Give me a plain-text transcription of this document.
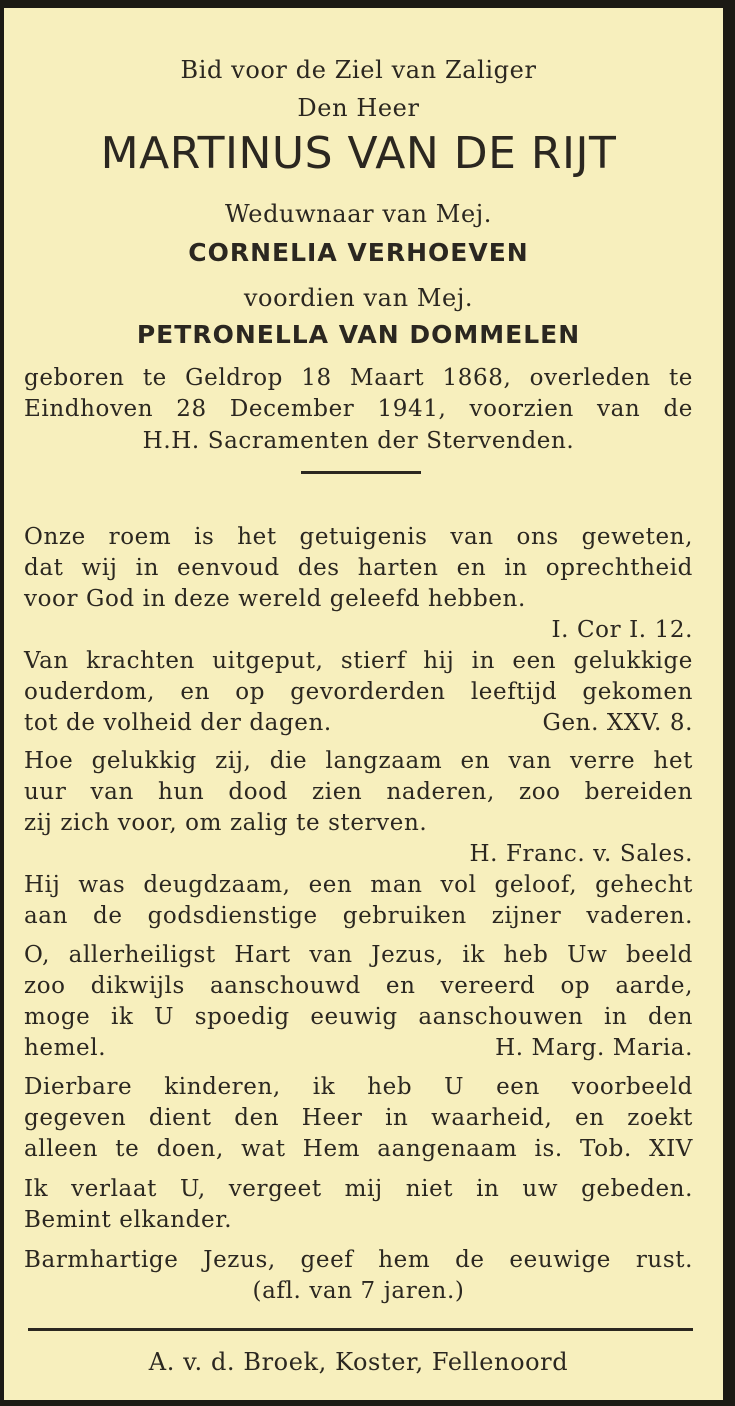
Bid voor de Ziel van Zaliger
Den Heer
MARTINUS VAN DE RIJT
Weduwnaar van Mej.
CORNELIA VERHOEVEN
voordien van Mej.
PETRONELLA VAN DOMMELEN
geboren te Geldrop 18 Maart 1868, overleden te
Eindhoven 28 December 1941, voorzien van de
H.H. Sacramenten der Stervenden.
Onze roem is het getuigenis van ons geweten,
dat wij in eenvoud des harten en in oprechtheid
voor God in deze wereld geleefd hebben.
I. Cor I. 12.
Van krachten uitgeput, stierf hij in een gelukkige
ouderdom, en op gevorderden leeftijd gekomen
tot de volheid der dagen.	Gen. XXV. 8.
Hoe gelukkig zij, die langzaam en van verre het
uur van hun dood zien naderen, zoo bereiden
zij zich voor, om zalig te sterven.
H. Franc. v. Sales.
Hij was deugdzaam, een man vol geloof, gehecht
aan de godsdienstige gebruiken zijner vaderen.
O, allerheiligst Hart van Jezus, ik heb Uw beeld
zoo dikwijls aanschouwd en vereerd op aarde,
moge ik U spoedig eeuwig aanschouwen in den
hemel.	H. Marg. Maria.
Dierbare kinderen, ik heb U een voorbeeld
gegeven dient den Heer in waarheid, en zoekt
alleen te doen, wat Hem aangenaam is. Tob. XIV
Ik verlaat U, vergeet mij niet in uw gebeden.
Bemint elkander.
Barmhartige Jezus, geef hem de eeuwige rust.
(afl. van 7 jaren.)
A. v. d. Broek, Koster, Fellenoord
